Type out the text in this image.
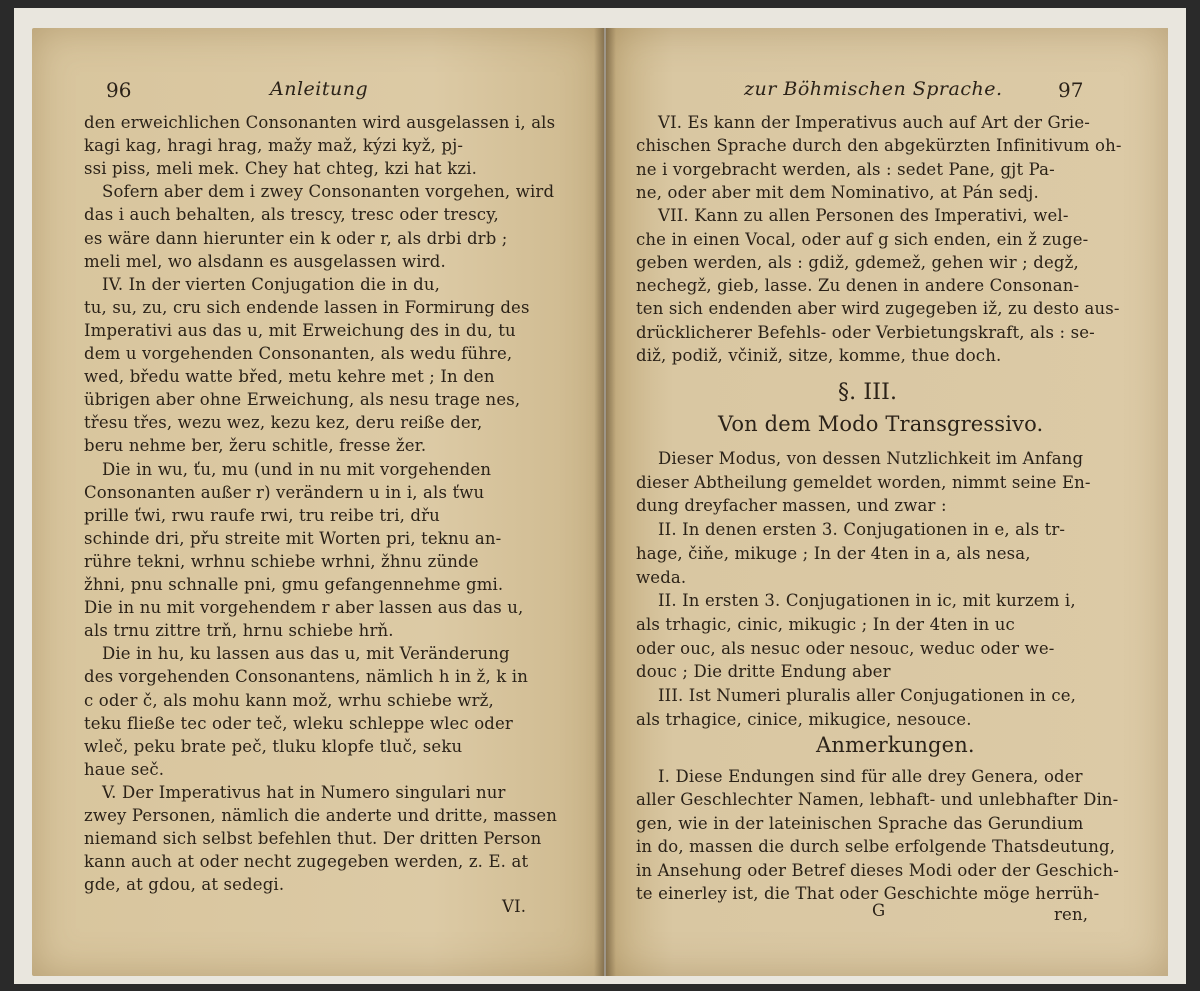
96	Anleitung
den erweichlichen Consonanten wird ausgelassen i, als
kagi kag, hragi hrag, mažy maž, kýzi kyž, pj-
ssi piss, meli mek. Chey hat chteg, kzi hat kzi.
Sofern aber dem i zwey Consonanten vorgehen, wird
das i auch behalten, als trescy, tresc oder trescy,
es wäre dann hierunter ein k oder r, als drbi drb ;
meli mel, wo alsdann es ausgelassen wird.
IV. In der vierten Conjugation die in du,
tu, su, zu, cru sich endende lassen in Formirung des
Imperativi aus das u, mit Erweichung des in du, tu
dem u vorgehenden Consonanten, als wedu führe,
wed, bředu watte břed, metu kehre met ; In den
übrigen aber ohne Erweichung, als nesu trage nes,
třesu třes, wezu wez, kezu kez, deru reiße der,
beru nehme ber, žeru schitle, fresse žer.
Die in wu, ťu, mu (und in nu mit vorgehenden
Consonanten außer r) verändern u in i, als ťwu
prille ťwi, rwu raufe rwi, tru reibe tri, dřu
schinde dri, přu streite mit Worten pri, teknu an-
rühre tekni, wrhnu schiebe wrhni, žhnu zünde
žhni, pnu schnalle pni, gmu gefangennehme gmi.
Die in nu mit vorgehendem r aber lassen aus das u,
als trnu zittre trň, hrnu schiebe hrň.
Die in hu, ku lassen aus das u, mit Veränderung
des vorgehenden Consonantens, nämlich h in ž, k in
c oder č, als mohu kann mož, wrhu schiebe wrž,
teku fließe tec oder teč, wleku schleppe wlec oder
wleč, peku brate peč, tluku klopfe tluč, seku
haue seč.
V. Der Imperativus hat in Numero singulari nur
zwey Personen, nämlich die anderte und dritte, massen
niemand sich selbst befehlen thut. Der dritten Person
kann auch at oder necht zugegeben werden, z. E. at
gde, at gdou, at sedegi.
VI.
zur Böhmischen Sprache.	97
VI. Es kann der Imperativus auch auf Art der Grie-
chischen Sprache durch den abgekürzten Infinitivum oh-
ne i vorgebracht werden, als : sedet Pane, gjt Pa-
ne, oder aber mit dem Nominativo, at Pán sedj.
VII. Kann zu allen Personen des Imperativi, wel-
che in einen Vocal, oder auf g sich enden, ein ž zuge-
geben werden, als : gdiž, gdemež, gehen wir ; degž,
nechegž, gieb, lasse. Zu denen in andere Consonan-
ten sich endenden aber wird zugegeben iž, zu desto aus-
drücklicherer Befehls- oder Verbietungskraft, als : se-
diž, podiž, včiniž, sitze, komme, thue doch.
§. III.
Von dem Modo Transgressivo.
Dieser Modus, von dessen Nutzlichkeit im Anfang
dieser Abtheilung gemeldet worden, nimmt seine En-
dung dreyfacher massen, und zwar :
II. In denen ersten 3. Conjugationen in e, als tr-
hage, čiňe, mikuge ; In der 4ten in a, als nesa,
weda.
II. In ersten 3. Conjugationen in ic, mit kurzem i,
als trhagic, cinic, mikugic ; In der 4ten in uc
oder ouc, als nesuc oder nesouc, weduc oder we-
douc ; Die dritte Endung aber
III. Ist Numeri pluralis aller Conjugationen in ce,
als trhagice, cinice, mikugice, nesouce.
Anmerkungen.
I. Diese Endungen sind für alle drey Genera, oder
aller Geschlechter Namen, lebhaft- und unlebhafter Din-
gen, wie in der lateinischen Sprache das Gerundium
in do, massen die durch selbe erfolgende Thatsdeutung,
in Ansehung oder Betref dieses Modi oder der Geschich-
te einerley ist, die That oder Geschichte möge herrüh-
G	ren,
